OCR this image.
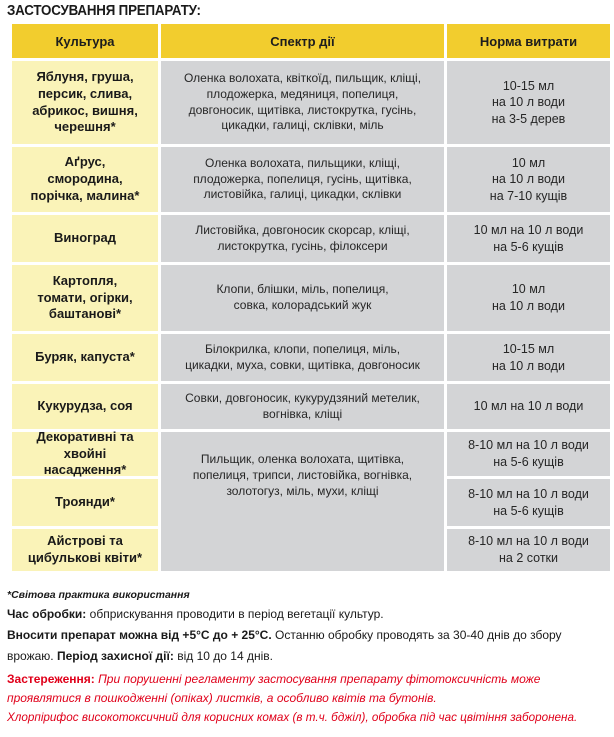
ЗАСТОСУВАННЯ ПРЕПАРАТУ:
Культура	Спектр дії	Норма витрати
Яблуня, груша,
персик, слива,
абрикос, вишня,
черешня*
Оленка волохата, квіткоїд, пильщик, кліщі,
плодожерка, медяниця, попелиця,
довгоносик, щитівка, листокрутка, гусінь,
цикадки, галиці, склівки, міль
10-15 мл
на 10 л води
на 3-5 дерев
Аґрус,
смородина,
порічка, малина*
Оленка волохата, пильщики, кліщі,
плодожерка, попелиця, гусінь, щитівка,
листовійка, галиці, цикадки, склівки
10 мл
на 10 л води
на 7-10 кущів
Виноград
Листовійка, довгоносик скорсар, кліщі,
листокрутка, гусінь, філоксери
10 мл на 10 л води
на 5-6 кущів
Картопля,
томати, огірки,
баштанові*
Клопи, блішки, міль, попелиця,
совка, колорадський жук
10 мл
на 10 л води
Буряк, капуста*
Білокрилка, клопи, попелиця, міль,
цикадки, муха, совки, щитівка, довгоносик
10-15 мл
на 10 л води
Кукурудза, соя
Совки, довгоносик, кукурудзяний метелик,
вогнівка, кліщі
10 мл на 10 л води
Декоративні та хвойні
насадження*
Пильщик, оленка волохата, щитівка,
попелиця, трипси, листовійка, вогнівка,
золотогуз, міль, мухи, кліщі
8-10 мл на 10 л води
на 5-6 кущів
Троянди*
8-10 мл на 10 л води
на 5-6 кущів
Айстрові та
цибулькові квіти*
8-10 мл на 10 л води
на 2 сотки
*Світова практика використання
Час обробки: обприскування проводити в період вегетації культур.
Вносити препарат можна від +5°С до + 25°С. Останню обробку проводять за 30-40 днів до збору
врожаю. Період захисної дії: від 10 до 14 днів.
Застереження: При порушенні регламенту застосування препарату фітотоксичність може
проявлятися в пошкодженні (опіках) листків, а особливо квітів та бутонів.
Хлорпірифос високотоксичний для корисних комах (в т.ч. бджіл), обробка під час цвітіння заборонена.
